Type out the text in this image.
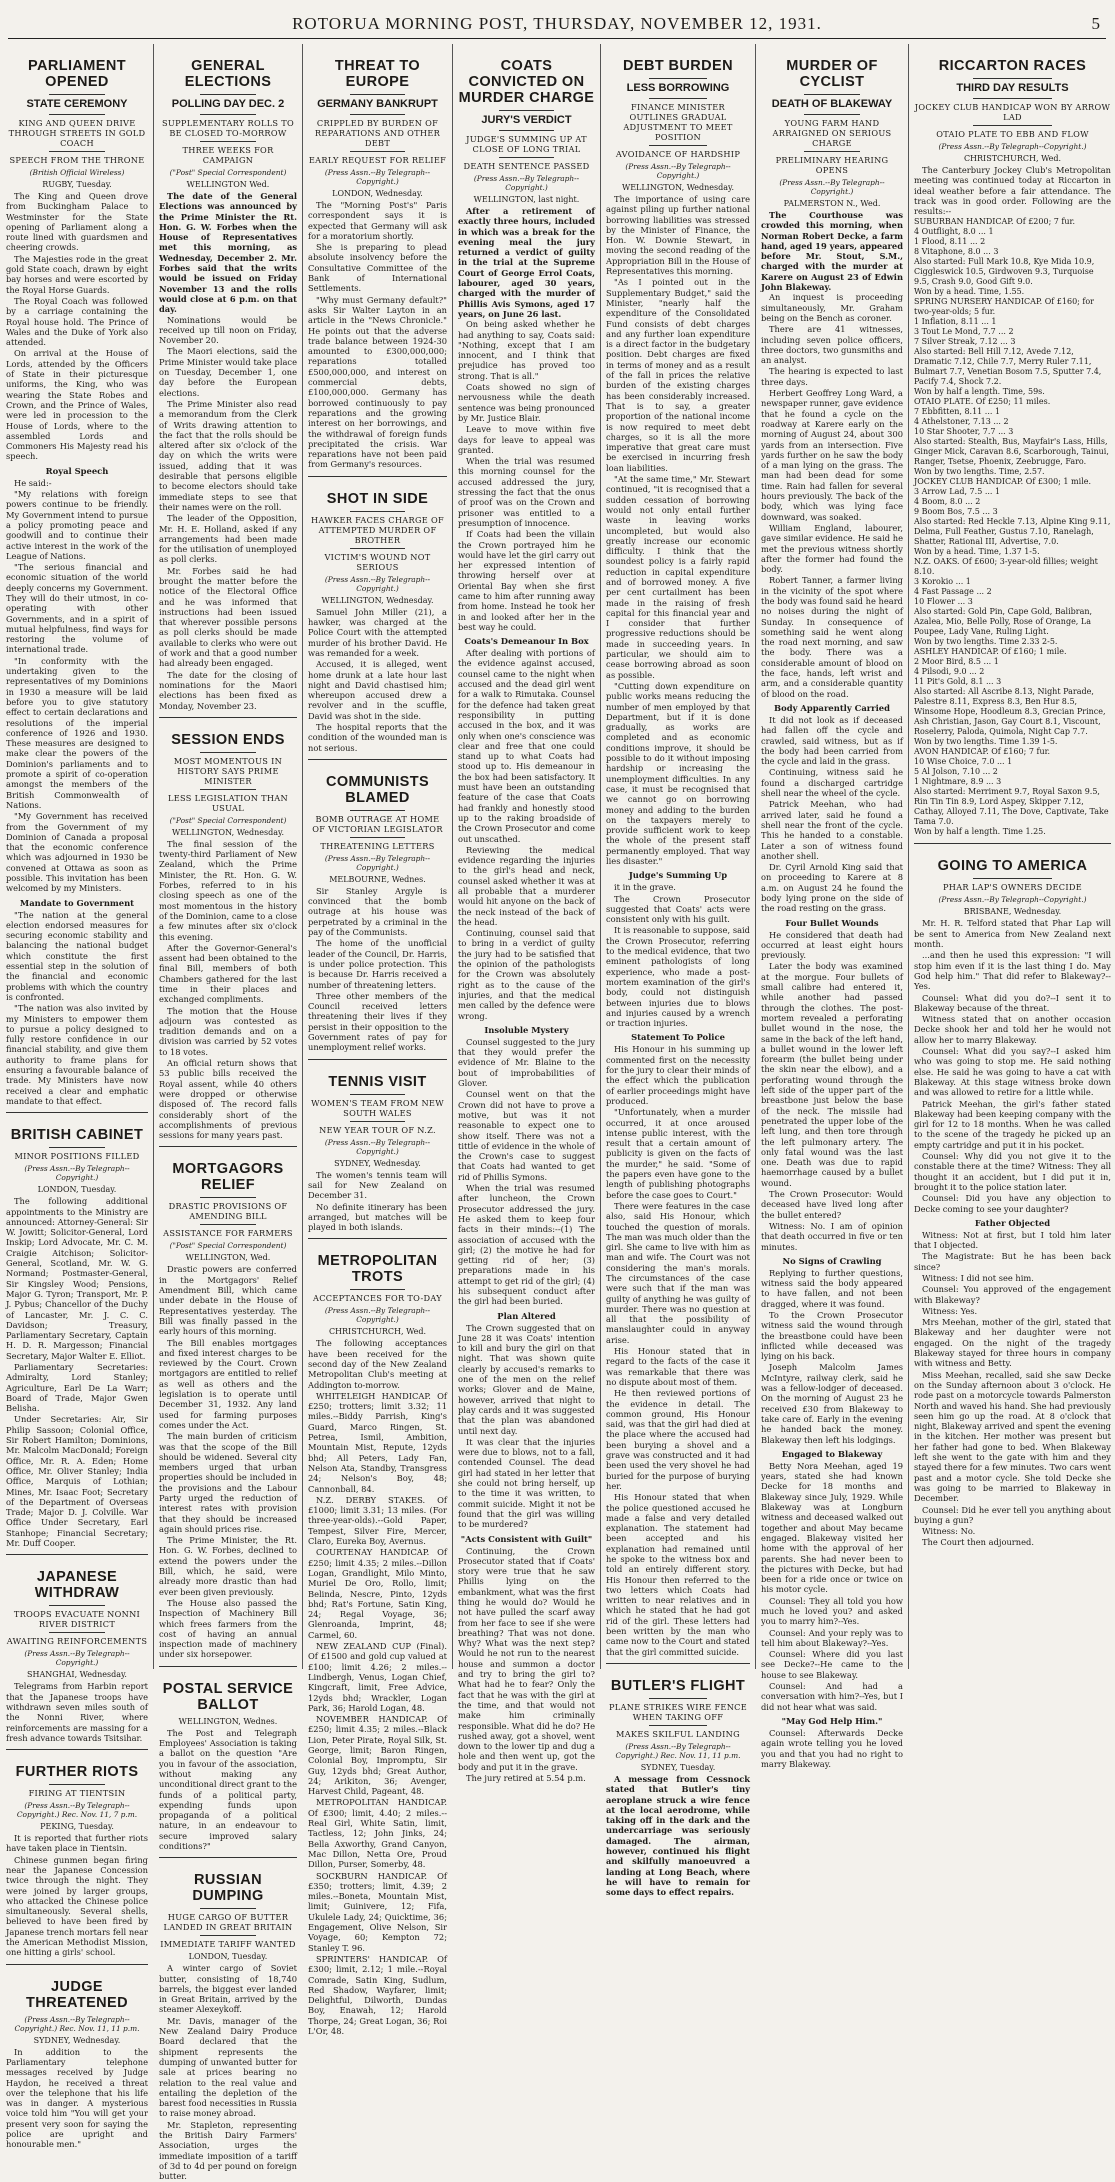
ROTORUA MORNING POST, THURSDAY, NOVEMBER 12, 1931.	5
PARLIAMENT OPENED
STATE CEREMONY
KING AND QUEEN DRIVE THROUGH STREETS IN GOLD COACH
SPEECH FROM THE THRONE
(British Official Wireless)
RUGBY, Tuesday.

The King and Queen drove from Buckingham Palace to Westminster for the State opening of Parliament along a route lined with guardsmen and cheering crowds.

The Majesties rode in the great gold State coach, drawn by eight bay horses and were escorted by the Royal Horse Guards.

The Royal Coach was followed by a carriage containing the Royal house hold. The Prince of Wales and the Duke of York also attended.

On arrival at the House of Lords, attended by the Officers of State in their picturesque uniforms, the King, who was wearing the State Robes and Crown, and the Prince of Wales, were led in procession to the House of Lords, where to the assembled Lords and Commoners His Majesty read his speech.

Royal Speech

He said:-

"My relations with foreign powers continue to be friendly. My Government intend to pursue a policy promoting peace and goodwill and to continue their active interest in the work of the League of Nations.

"The serious financial and economic situation of the world deeply concerns my Government. They will do their utmost, in co-operating with other Governments, and in a spirit of mutual helpfulness, find ways for restoring the volume of international trade.

"In conformity with the undertaking given to the representatives of my Dominions in 1930 a measure will be laid before you to give statutory effect to certain declarations and resolutions of the imperial conference of 1926 and 1930. These measures are designed to make clear the powers of the Dominion's parliaments and to promote a spirit of co-operation amongst the members of the British Commonwealth of Nations.

"My Government has received from the Government of my Dominion of Canada a proposal that the economic conference which was adjourned in 1930 be convened at Ottawa as soon as possible. This invitation has been welcomed by my Ministers.

Mandate to Government

"The nation at the general election endorsed measures for securing economic stability and balancing the national budget which constitute the first essential step in the solution of the financial and economic problems with which the country is confronted.

"The nation was also invited by my Ministers to empower them to pursue a policy designed to fully restore confidence in our financial stability, and give them authority to frame plans for ensuring a favourable balance of trade. My Ministers have now received a clear and emphatic mandate to that effect.

BRITISH CABINET
MINOR POSITIONS FILLED
(Press Assn.--By Telegraph--Copyright.)
LONDON, Tuesday.

The following additional appointments to the Ministry are announced: Attorney-General: Sir W. Jowitt; Solicitor-General, Lord Inskip; Lord Advocate, Mr. C. M. Craigie Aitchison; Solicitor-General, Scotland, Mr. W. G. Normand; Postmaster-General, Sir Kingsley Wood; Pensions, Major G. Tyron; Transport, Mr. P. J. Pybus; Chancellor of the Duchy of Lancaster, Mr. J. C. C. Davidson; Treasury, Parliamentary Secretary, Captain H. D. R. Margesson; Financial Secretary, Major Walter E. Elliot.

Parliamentary Secretaries: Admiralty, Lord Stanley; Agriculture, Earl De La Warr; Board of Trade, Major Gwen Belisha.

Under Secretaries: Air, Sir Philip Sassoon; Colonial Office, Sir Robert Hamilton; Dominions, Mr. Malcolm MacDonald; Foreign Office, Mr. R. A. Eden; Home Office, Mr. Oliver Stanley; India Office, Marquis of Lothian; Mines, Mr. Isaac Foot; Secretary of the Department of Overseas Trade; Major D. J. Colville. War Office Under Secretary, Earl Stanhope; Financial Secretary; Mr. Duff Cooper.

JAPANESE WITHDRAW
TROOPS EVACUATE NONNI RIVER DISTRICT
AWAITING REINFORCEMENTS
(Press Assn.--By Telegraph--Copyright.)
SHANGHAI, Wednesday.

Telegrams from Harbin report that the Japanese troops have withdrawn seven miles south of the Nonni River, where reinforcements are massing for a fresh advance towards Tsitsihar.

FURTHER RIOTS
FIRING AT TIENTSIN
(Press Assn.--By Telegraph--Copyright.) Rec. Nov. 11, 7 p.m.
PEKING, Tuesday.

It is reported that further riots have taken place in Tientsin.

Chinese gunmen began firing near the Japanese Concession twice through the night. They were joined by larger groups, who attacked the Chinese police simultaneously. Several shells, believed to have been fired by Japanese trench mortars fell near the American Methodist Mission, one hitting a girls' school.

JUDGE THREATENED
(Press Assn.--By Telegraph--Copyright.) Rec. Nov. 11, 11 p.m.
SYDNEY, Wednesday.

In addition to the Parliamentary telephone messages received by Judge Haydon, he received a threat over the telephone that his life was in danger. A mysterious voice told him "You will get your present very soon for saying the police are upright and honourable men."

GENERAL ELECTIONS
POLLING DAY DEC. 2
SUPPLEMENTARY ROLLS TO BE CLOSED TO-MORROW
THREE WEEKS FOR CAMPAIGN
("Post" Special Correspondent)
WELLINGTON Wed.

The date of the General Elections was announced by the Prime Minister the Rt. Hon. G. W. Forbes when the House of Representatives met this morning, as Wednesday, December 2. Mr. Forbes said that the writs would be issued on Friday November 13 and the rolls would close at 6 p.m. on that day.

Nominations would be received up till noon on Friday, November 20.

The Maori elections, said the Prime Minister would take place on Tuesday, December 1, one day before the European elections.

The Prime Minister also read a memorandum from the Clerk of Writs drawing attention to the fact that the rolls should be altered after six o'clock of the day on which the writs were issued, adding that it was desirable that persons eligible to become electors should take immediate steps to see that their names were on the roll.

The leader of the Opposition, Mr. H. E. Holland, asked if any arrangements had been made for the utilisation of unemployed as poll clerks.

Mr. Forbes said he had brought the matter before the notice of the Electoral Office and he was informed that instructions had been issued that wherever possible persons as poll clerks should be made available to clerks who were out of work and that a good number had already been engaged.

The date for the closing of nominations for the Maori elections has been fixed as Monday, November 23.

SESSION ENDS
MOST MOMENTOUS IN HISTORY SAYS PRIME MINISTER
LESS LEGISLATION THAN USUAL
("Post" Special Correspondent)
WELLINGTON, Wednesday.

The final session of the twenty-third Parliament of New Zealand, which the Prime Minister, the Rt. Hon. G. W. Forbes, referred to in his closing speech as one of the most momentous in the history of the Dominion, came to a close a few minutes after six o'clock this evening.

After the Governor-General's assent had been obtained to the final Bill, members of both Chambers gathered for the last time in their places and exchanged compliments.

The motion that the House adjourn was contested as tradition demands and on a division was carried by 52 votes to 18 votes.

An official return shows that 53 public bills received the Royal assent, while 40 others were dropped or otherwise disposed of. The record falls considerably short of the accomplishments of previous sessions for many years past.

MORTGAGORS RELIEF
DRASTIC PROVISIONS OF AMENDING BILL
ASSISTANCE FOR FARMERS
("Post" Special Correspondent)
WELLINGTON, Wed.

Drastic powers are conferred in the Mortgagors' Relief Amendment Bill, which came under debate in the House of Representatives yesterday. The Bill was finally passed in the early hours of this morning.

The Bill enables mortgages and fixed interest charges to be reviewed by the Court. Crown mortgagors are entitled to relief as well as others and the legislation is to operate until December 31, 1932. Any land used for farming purposes comes under the Act.

The main burden of criticism was that the scope of the Bill should be widened. Several city members urged that urban properties should be included in the provisions and the Labour Party urged the reduction of interest rates with provision that they should be increased again should prices rise.

The Prime Minister, the Rt. Hon. G. W. Forbes, declined to extend the powers under the Bill, which, he said, were already more drastic than had ever been given previously.

The House also passed the Inspection of Machinery Bill which frees farmers from the cost of having an annual inspection made of machinery under six horsepower.

POSTAL SERVICE BALLOT
WELLINGTON, Wednes.

The Post and Telegraph Employees' Association is taking a ballot on the question "Are you in favour of the association, without making any unconditional direct grant to the funds of a political party, expending funds upon propaganda of a political nature, in an endeavour to secure improved salary conditions?"

RUSSIAN DUMPING
HUGE CARGO OF BUTTER LANDED IN GREAT BRITAIN
IMMEDIATE TARIFF WANTED
LONDON, Tuesday.

A winter cargo of Soviet butter, consisting of 18,740 barrels, the biggest ever landed in Great Britain, arrived by the steamer Alexeykoff.

Mr. Davis, manager of the New Zealand Dairy Produce Board declared that the shipment represents the dumping of unwanted butter for sale at prices bearing no relation to the real value and entailing the depletion of the barest food necessities in Russia to raise money abroad.

Mr. Stapleton, representing the British Dairy Farmers' Association, urges the immediate imposition of a tariff of 3d to 4d per pound on foreign butter.

THREAT TO EUROPE
GERMANY BANKRUPT
CRIPPLED BY BURDEN OF REPARATIONS AND OTHER DEBT
EARLY REQUEST FOR RELIEF
(Press Assn.--By Telegraph--Copyright.)
LONDON, Wednesday.

The "Morning Post's" Paris correspondent says it is expected that Germany will ask for a moratorium shortly.

She is preparing to plead absolute insolvency before the Consultative Committee of the Bank of International Settlements.

"Why must Germany default?" asks Sir Walter Layton in an article in the "News Chronicle." He points out that the adverse trade balance between 1924-30 amounted to £300,000,000; reparations totalled £500,000,000, and interest on commercial debts, £100,000,000. Germany has borrowed continuously to pay reparations and the growing interest on her borrowings, and the withdrawal of foreign funds precipitated the crisis. War reparations have not been paid from Germany's resources.

SHOT IN SIDE
HAWKER FACES CHARGE OF ATTEMPTED MURDER OF BROTHER
VICTIM'S WOUND NOT SERIOUS
(Press Assn.--By Telegraph--Copyright.)
WELLINGTON, Wednesday.

Samuel John Miller (21), a hawker, was charged at the Police Court with the attempted murder of his brother David. He was remanded for a week.

Accused, it is alleged, went home drunk at a late hour last night and David chastised him; whereupon accused drew a revolver and in the scuffle, David was shot in the side.

The hospital reports that the condition of the wounded man is not serious.

COMMUNISTS BLAMED
BOMB OUTRAGE AT HOME OF VICTORIAN LEGISLATOR
THREATENING LETTERS
(Press Assn.--By Telegraph--Copyright.)
MELBOURNE, Wednes.

Sir Stanley Argyle is convinced that the bomb outrage at his house was perpetrated by a criminal in the pay of the Communists.

The home of the unofficial leader of the Council, Dr. Harris, is under police protection. This is because Dr. Harris received a number of threatening letters.

Three other members of the Council received letters threatening their lives if they persist in their opposition to the Government rates of pay for unemployment relief works.

TENNIS VISIT
WOMEN'S TEAM FROM NEW SOUTH WALES
NEW YEAR TOUR OF N.Z.
(Press Assn.--By Telegraph--Copyright.)
SYDNEY, Wednesday.

The women's tennis team will sail for New Zealand on December 31.

No definite itinerary has been arranged, but matches will be played in both islands.

METROPOLITAN TROTS
ACCEPTANCES FOR TO-DAY
(Press Assn.--By Telegraph--Copyright.)
CHRISTCHURCH, Wed.

The following acceptances have been received for the second day of the New Zealand Metropolitan Club's meeting at Addington to-morrow.

WHITELEIGH HANDICAP. Of £250; trotters; limit 3.32; 11 miles.--Biddy Parrish, King's Guard, Marco Ringen, St. Petrea, Ismil, Ambition, Mountain Mist, Repute, 12yds bhd; All Peters, Lady Fan, Nelson Ata, Standby, Transgress 24; Nelson's Boy, 48; Cannonball, 84.

N.Z. DERBY STAKES. Of £1000; limit 3.31; 13 miles. (For three-year-olds).--Gold Paper, Tempest, Silver Fire, Mercer, Claro, Eureka Boy, Avernus.

COURTENAY HANDICAP. Of £250; limit 4.35; 2 miles.--Dillon Logan, Grandlight, Milo Minto, Muriel De Oro, Rollo, limit; Belinda, Nescre, Pinto, 12yds bhd; Rat's Fortune, Satin King, 24; Regal Voyage, 36; Glenroanda, Imprint, 48; Carmel, 60.

NEW ZEALAND CUP (Final). Of £1500 and gold cup valued at £100; limit 4.26; 2 miles.--Lindbergh, Venus, Logan Chief, Kingcraft, limit, Free Advice, 12yds bhd; Wrackler, Logan Park, 36; Harold Logan, 48.

NOVEMBER HANDICAP. Of £250; limit 4.35; 2 miles.--Black Lion, Peter Pirate, Royal Silk, St. George, limit; Baron Ringen, Colonial Boy, Impromptu, Sir Guy, 12yds bhd; Great Author, 24; Arikiton, 36; Avenger, Harvest Child, Pageant, 48.

METROPOLITAN HANDICAP. Of £300; limit, 4.40; 2 miles.--Real Girl, White Satin, limit, Tactless, 12; John Jinks, 24; Bella Axworthy, Grand Canyon, Mac Dillon, Netta Ore, Proud Dillon, Purser, Somerby, 48.

SOCKBURN HANDICAP. Of £350; trotters; limit, 4.39; 2 miles.--Boneta, Mountain Mist, limit; Guinivere, 12; Fifa, Ukulele Lady, 24; Quicktime, 36; Engagement, Olive Nelson, Sir Voyage, 60; Kempton 72; Stanley T. 96.

SPRINTERS' HANDICAP. Of £300; limit, 2.12; 1 mile.--Royal Comrade, Satin King, Sudlum, Red Shadow, Wayfarer, limit; Delightful, Dilworth, Dundas Boy, Enawah, 12; Harold Thorpe, 24; Great Logan, 36; Roi L'Or, 48.

COATS CONVICTED ON MURDER CHARGE
JURY'S VERDICT
JUDGE'S SUMMING UP AT CLOSE OF LONG TRIAL
DEATH SENTENCE PASSED
(Press Assn.--By Telegraph--Copyright.)
WELLINGTON, last night.

After a retirement of exactly three hours, included in which was a break for the evening meal the jury returned a verdict of guilty in the trial at the Supreme Court of George Errol Coats, labourer, aged 30 years, charged with the murder of Phillis Avis Symons, aged 17 years, on June 26 last.

On being asked whether he had anything to say, Coats said: "Nothing, except that I am innocent, and I think that prejudice has proved too strong. That is all."

Coats showed no sign of nervousness while the death sentence was being pronounced by Mr. Justice Blair.

Leave to move within five days for leave to appeal was granted.

When the trial was resumed this morning counsel for the accused addressed the jury, stressing the fact that the onus of proof was on the Crown and prisoner was entitled to a presumption of innocence.

If Coats had been the villain the Crown portrayed him he would have let the girl carry out her expressed intention of throwing herself over at Oriental Bay when she first came to him after running away from home. Instead he took her in and looked after her in the best way he could.

Coats's Demeanour In Box

After dealing with portions of the evidence against accused, counsel came to the night when accused and the dead girl went for a walk to Rimutaka. Counsel for the defence had taken great responsibility in putting accused in the box, and it was only when one's conscience was clear and free that one could stand up to what Coats had stood up to. His demeanour in the box had been satisfactory. It must have been an outstanding feature of the case that Coats had frankly and honestly stood up to the raking broadside of the Crown Prosecutor and come out unscathed.

Reviewing the medical evidence regarding the injuries to the girl's head and neck, counsel asked whether it was at all probable that a murderer would hit anyone on the back of the neck instead of the back of the head.

Continuing, counsel said that to bring in a verdict of guilty the jury had to be satisfied that the opinion of the pathologists for the Crown was absolutely right as to the cause of the injuries, and that the medical men called by the defence were wrong.

Insoluble Mystery

Counsel suggested to the jury that they would prefer the evidence of Mr. Blaine to the bout of improbabilities of Glover.

Counsel went on that the Crown did not have to prove a motive, but was it not reasonable to expect one to show itself. There was not a tittle of evidence in the whole of the Crown's case to suggest that Coats had wanted to get rid of Phillis Symons.

When the trial was resumed after luncheon, the Crown Prosecutor addressed the jury. He asked them to keep four facts in their minds:--(1) The association of accused with the girl; (2) the motive he had for getting rid of her; (3) preparations made in his attempt to get rid of the girl; (4) his subsequent conduct after the girl had been buried.

Plan Altered

The Crown suggested that on June 28 it was Coats' intention to kill and bury the girl on that night. That was shown quite clearly by accused's remarks to one of the men on the relief works; Glover and de Maine, however, arrived that night to play cards and it was suggested that the plan was abandoned until next day.

It was clear that the injuries were due to blows, not to a fall, contended Counsel. The dead girl had stated in her letter that she could not bring herself, up to the time it was written, to commit suicide. Might it not be found that the girl was willing to be murdered?

"Acts Consistent with Guilt"

Continuing, the Crown Prosecutor stated that if Coats' story were true that he saw Phillis lying on the embankment, what was the first thing he would do? Would he not have pulled the scarf away from her face to see if she were breathing? That was not done. Why? What was the next step? Would he not run to the nearest house and summon a doctor and try to bring the girl to? What had he to fear? Only the fact that he was with the girl at the time, and that would not make him criminally responsible. What did he do? He rushed away, got a shovel, went down to the lower tip and dug a hole and then went up, got the body and put it in the grave.

The jury retired at 5.54 p.m.

DEBT BURDEN
LESS BORROWING
FINANCE MINISTER OUTLINES GRADUAL ADJUSTMENT TO MEET POSITION
AVOIDANCE OF HARDSHIP
(Press Assn.--By Telegraph--Copyright.)
WELLINGTON, Wednesday.

The importance of using care against piling up further national borrowing liabilities was stressed by the Minister of Finance, the Hon. W. Downie Stewart, in moving the second reading of the Appropriation Bill in the House of Representatives this morning.

"As I pointed out in the Supplementary Budget," said the Minister, "nearly half the expenditure of the Consolidated Fund consists of debt charges and any further loan expenditure is a direct factor in the budgetary position. Debt charges are fixed in terms of money and as a result of the fall in prices the relative burden of the existing charges has been considerably increased. That is to say, a greater proportion of the national income is now required to meet debt charges, so it is all the more imperative that great care must be exercised in incurring fresh loan liabilities.

"At the same time," Mr. Stewart continued, "it is recognised that a sudden cessation of borrowing would not only entail further waste in leaving works uncompleted, but would also greatly increase our economic difficulty. I think that the soundest policy is a fairly rapid reduction in capital expenditure and of borrowed money. A five per cent curtailment has been made in the raising of fresh capital for this financial year and I consider that further progressive reductions should be made in succeeding years. In particular, we should aim to cease borrowing abroad as soon as possible.

"Cutting down expenditure on public works means reducing the number of men employed by that Department, but if it is done gradually, as works are completed and as economic conditions improve, it should be possible to do it without imposing hardship or increasing the unemployment difficulties. In any case, it must be recognised that we cannot go on borrowing money and adding to the burden on the taxpayers merely to provide sufficient work to keep the whole of the present staff permanently employed. That way lies disaster."

Judge's Summing Up

it in the grave.

The Crown Prosecutor suggested that Coats' acts were consistent only with his guilt.

It is reasonable to suppose, said the Crown Prosecutor, referring to the medical evidence, that two eminent pathologists of long experience, who made a post-mortem examination of the girl's body, could not distinguish between injuries due to blows and injuries caused by a wrench or traction injuries.

Statement To Police

His Honour in his summing up commented first on the necessity for the jury to clear their minds of the effect which the publication of earlier proceedings might have produced.

"Unfortunately, when a murder occurred, it at once aroused intense public interest, with the result that a certain amount of publicity is given on the facts of the murder," he said. "Some of the papers even have gone to the length of publishing photographs before the case goes to Court."

There were features in the case also, said His Honour, which touched the question of morals. The man was much older than the girl. She came to live with him as man and wife. The Court was not considering the man's morals. The circumstances of the case were such that if the man was guilty of anything he was guilty of murder. There was no question at all that the possibility of manslaughter could in anyway arise.

His Honour stated that in regard to the facts of the case it was remarkable that there was no dispute about most of them.

He then reviewed portions of the evidence in detail. The common ground, His Honour said, was that the girl had died at the place where the accused had been burying a shovel and a grave was constructed and it had been used the very shovel he had buried for the purpose of burying her.

His Honour stated that when the police questioned accused he made a false and very detailed explanation. The statement had been accepted and his explanation had remained until he spoke to the witness box and told an entirely different story. His Honour then referred to the two letters which Coats had written to near relatives and in which he stated that he had got rid of the girl. These letters had been written by the man who came now to the Court and stated that the girl committed suicide.

BUTLER'S FLIGHT
PLANE STRIKES WIRE FENCE WHEN TAKING OFF
MAKES SKILFUL LANDING
(Press Assn.--By Telegraph--Copyright.) Rec. Nov. 11, 11 p.m.
SYDNEY, Tuesday.

A message from Cessnock stated that Butler's tiny aeroplane struck a wire fence at the local aerodrome, while taking off in the dark and the undercarriage was seriously damaged. The airman, however, continued his flight and skilfully manoeuvred a landing at Long Beach, where he will have to remain for some days to effect repairs.

MURDER OF CYCLIST
DEATH OF BLAKEWAY
YOUNG FARM HAND ARRAIGNED ON SERIOUS CHARGE
PRELIMINARY HEARING OPENS
(Press Assn.--By Telegraph--Copyright.)
PALMERSTON N., Wed.

The Courthouse was crowded this morning, when Norman Robert Decke, a farm hand, aged 19 years, appeared before Mr. Stout, S.M., charged with the murder at Karere on August 23 of Edwin John Blakeway.

An inquest is proceeding simultaneously, Mr. Graham being on the Bench as coroner.

There are 41 witnesses, including seven police officers, three doctors, two gunsmiths and an analyst.

The hearing is expected to last three days.

Herbert Geoffrey Long Ward, a newspaper runner, gave evidence that he found a cycle on the roadway at Karere early on the morning of August 24, about 300 yards from an intersection. Five yards further on he saw the body of a man lying on the grass. The man had been dead for some time. Rain had fallen for several hours previously. The back of the body, which was lying face downward, was soaked.

William England, labourer, gave similar evidence. He said he met the previous witness shortly after the former had found the body.

Robert Tanner, a farmer living in the vicinity of the spot where the body was found said he heard no noises during the night of Sunday. In consequence of something said he went along the road next morning, and saw the body. There was a considerable amount of blood on the face, hands, left wrist and arm, and a considerable quantity of blood on the road.

Body Apparently Carried

It did not look as if deceased had fallen off the cycle and crawled, said witness, but as if the body had been carried from the cycle and laid in the grass.

Continuing, witness said he found a discharged cartridge shell near the wheel of the cycle.

Patrick Meehan, who had arrived later, said he found a shell near the front of the cycle. This he handed to a constable. Later a son of witness found another shell.

Dr. Cyril Arnold King said that on proceeding to Karere at 8 a.m. on August 24 he found the body lying prone on the side of the road resting on the grass.

Four Bullet Wounds

He considered that death had occurred at least eight hours previously.

Later the body was examined at the morgue. Four bullets of small calibre had entered it, while another had passed through the clothes. The post-mortem revealed a perforating bullet wound in the nose, the same in the back of the left hand, a bullet wound in the lower left forearm (the bullet being under the skin near the elbow), and a perforating wound through the left side of the upper part of the breastbone just below the base of the neck. The missile had penetrated the upper lobe of the left lung, and then tore through the left pulmonary artery. The only fatal wound was the last one. Death was due to rapid haemorrhage caused by a bullet wound.

The Crown Prosecutor: Would deceased have lived long after the bullet entered?

Witness: No. I am of opinion that death occurred in five or ten minutes.

No Signs of Crawling

Replying to further questions, witness said the body appeared to have fallen, and not been dragged, where it was found.

To the Crown Prosecutor witness said the wound through the breastbone could have been inflicted while deceased was lying on his back.

Joseph Malcolm James McIntyre, railway clerk, said he was a fellow-lodger of deceased. On the morning of August 23 he received £30 from Blakeway to take care of. Early in the evening he handed back the money. Blakeway then left his lodgings.

Engaged to Blakeway

Betty Nora Meehan, aged 19 years, stated she had known Decke for 18 months and Blakeway since July, 1929. While Blakeway was at Longburn witness and deceased walked out together and about May became engaged. Blakeway visited her home with the approval of her parents. She had never been to the pictures with Decke, but had been for a ride once or twice on his motor cycle.

Counsel: They all told you how much he loved you? and asked you to marry him?--Yes.

Counsel: And your reply was to tell him about Blakeway?--Yes.

Counsel: Where did you last see Decke?--He came to the house to see Blakeway.

Counsel: And had a conversation with him?--Yes, but I did not hear what was said.

"May God Help Him."

Counsel: Afterwards Decke again wrote telling you he loved you and that you had no right to marry Blakeway.

RICCARTON RACES
THIRD DAY RESULTS
JOCKEY CLUB HANDICAP WON BY ARROW LAD
OTAIO PLATE TO EBB AND FLOW
(Press Assn.--By Telegraph--Copyright.)
CHRISTCHURCH, Wed.

The Canterbury Jockey Club's Metropolitan meeting was continued today at Riccarton in ideal weather before a fair attendance. The track was in good order. Following are the results:--

SUBURBAN HANDICAP. Of £200; 7 fur.

4 Outflight, 8.0 ... 1

1 Flood, 8.11 ... 2

8 Vitaphone, 8.0 ... 3

Also started: Full Mark 10.8, Kye Mida 10.9, Ciggleswick 10.5, Girdwoven 9.3, Turquoise 9.5, Crash 9.0, Good Gift 9.0.

Won by a head. Time, 1.55.

SPRING NURSERY HANDICAP. Of £160; for two-year-olds; 5 fur.

1 Inflation, 8.11 ... 1

3 Tout Le Mond, 7.7 ... 2

7 Silver Streak, 7.12 ... 3

Also started: Bell Hill 7.12, Avede 7.12, Dramatic 7.12, Chile 7.7, Merry Ruler 7.11, Bulmart 7.7, Venetian Bosom 7.5, Sputter 7.4, Pacify 7.4, Shock 7.2.

Won by half a length. Time, 59s.

OTAIO PLATE. Of £250; 11 miles.

7 Ebbfitten, 8.11 ... 1

4 Athelstoner, 7.13 ... 2

10 Star Shooter, 7.7 ... 3

Also started: Stealth, Bus, Mayfair's Lass, Hills, Ginger Mick, Caravan 8.6, Scarborough, Tainui, Ranger, Tsetse, Phoenix, Zeebrugge, Faro.

Won by two lengths. Time, 2.57.

JOCKEY CLUB HANDICAP. Of £300; 1 mile.

3 Arrow Lad, 7.5 ... 1

4 Boom, 8.0 ... 2

9 Boom Bos, 7.5 ... 3

Also started: Red Heckle 7.13, Alpine King 9.11, Delma, Full Feather, Gustus 7.10, Ranelagh, Shatter, Rational III, Advertise, 7.0.

Won by a head. Time, 1.37 1-5.

N.Z. OAKS. Of £600; 3-year-old fillies; weight 8.10.

3 Korokio ... 1

4 Fast Passage ... 2

10 Flower ... 3

Also started: Gold Pin, Cape Gold, Balibran, Azalea, Mio, Belle Polly, Rose of Orange, La Poupee, Lady Vane, Ruling Light.

Won by two lengths. Time 2.33 2-5.

ASHLEY HANDICAP. Of £160; 1 mile.

2 Moor Bird, 8.5 ... 1

4 Pilsodi, 9.0 ... 2

11 Pit's Gold, 8.1 ... 3

Also started: All Ascribe 8.13, Night Parade, Palestre 8.11, Express 8.3, Ben Hur 8.5, Winsome Hope, Hoodleum 8.3, Grecian Prince, Ash Christian, Jason, Gay Court 8.1, Viscount, Roselerry, Paloda, Quimola, Night Cap 7.7.

Won by two lengths. Time 1.39 1-5.

AVON HANDICAP. Of £160; 7 fur.

10 Wise Choice, 7.0 ... 1

5 Al Jolson, 7.10 ... 2

1 Nightmare, 8.9 ... 3

Also started: Merriment 9.7, Royal Saxon 9.5, Rin Tin Tin 8.9, Lord Aspey, Skipper 7.12, Cathay, Alloyed 7.11, The Dove, Captivate, Take Tama 7.0.

Won by half a length. Time 1.25.

GOING TO AMERICA
PHAR LAP'S OWNERS DECIDE
(Press Assn.--By Telegraph--Copyright.)
BRISBANE, Wednesday.

Mr. H. R. Telford stated that Phar Lap will be sent to America from New Zealand next month.

...and then he used this expression: "I will stop him even if it is the last thing I do. May God help him." That did refer to Blakeway?--Yes.

Counsel: What did you do?--I sent it to Blakeway because of the threat.

Witness stated that on another occasion Decke shook her and told her he would not allow her to marry Blakeway.

Counsel: What did you say?--I asked him who was going to stop me. He said nothing else. He said he was going to have a cat with Blakeway. At this stage witness broke down and was allowed to retire for a little while.

Patrick Meehan, the girl's father stated Blakeway had been keeping company with the girl for 12 to 18 months. When he was called to the scene of the tragedy he picked up an empty cartridge and put it in his pocket.

Counsel: Why did you not give it to the constable there at the time? Witness: They all thought it an accident, but I did put it in, brought it to the police station later.

Counsel: Did you have any objection to Decke coming to see your daughter?

Father Objected

Witness: Not at first, but I told him later that I objected.

The Magistrate: But he has been back since?

Witness: I did not see him.

Counsel: You approved of the engagement with Blakeway?

Witness: Yes.

Mrs Meehan, mother of the girl, stated that Blakeway and her daughter were not engaged. On the night of the tragedy Blakeway stayed for three hours in company with witness and Betty.

Miss Meehan, recalled, said she saw Decke on the Sunday afternoon about 3 o'clock. He rode past on a motorcycle towards Palmerston North and waved his hand. She had previously seen him go up the road. At 8 o'clock that night, Blakeway arrived and spent the evening in the kitchen. Her mother was present but her father had gone to bed. When Blakeway left she went to the gate with him and they stayed there for a few minutes. Two cars went past and a motor cycle. She told Decke she was going to be married to Blakeway in December.

Counsel: Did he ever tell you anything about buying a gun?

Witness: No.

The Court then adjourned.
